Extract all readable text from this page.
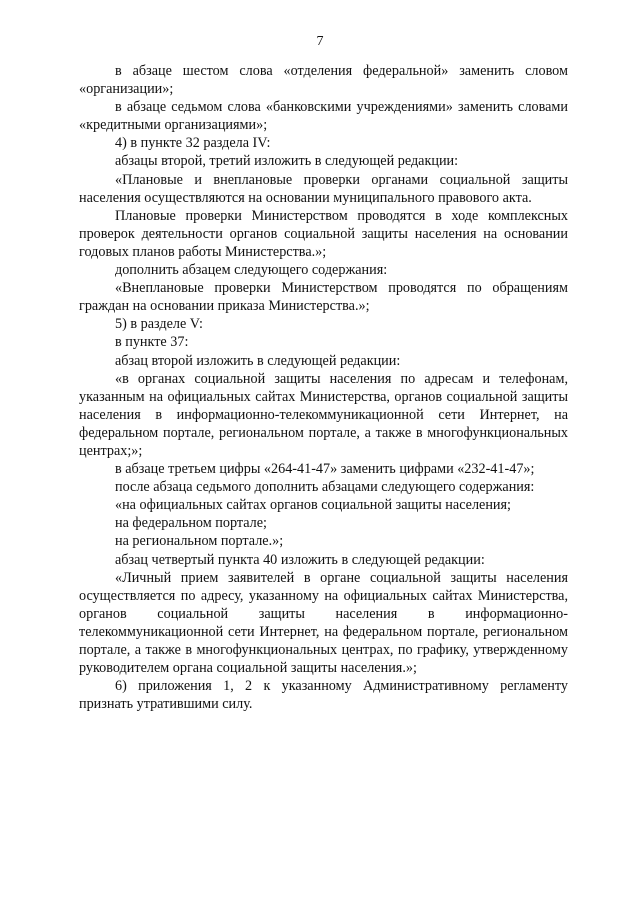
7

в абзаце шестом слова «отделения федеральной» заменить словом «организации»;

в абзаце седьмом слова «банковскими учреждениями» заменить словами «кредитными организациями»;

4) в пункте 32 раздела IV:

абзацы второй, третий изложить в следующей редакции:

«Плановые и внеплановые проверки органами социальной защиты населения осуществляются на основании муниципального правового акта.

Плановые проверки Министерством проводятся в ходе комплексных проверок деятельности органов социальной защиты населения на основании годовых планов работы Министерства.»;

дополнить абзацем следующего содержания:

«Внеплановые проверки Министерством проводятся по обращениям граждан на основании приказа Министерства.»;

5) в разделе V:

в пункте 37:

абзац второй изложить в следующей редакции:

«в органах социальной защиты населения по адресам и телефонам, указанным на официальных сайтах Министерства, органов социальной защиты населения в информационно-телекоммуникационной сети Интернет, на федеральном портале, региональном портале, а также в многофункциональных центрах;»;

в абзаце третьем цифры «264-41-47» заменить цифрами «232-41-47»;

после абзаца седьмого дополнить абзацами следующего содержания:

«на официальных сайтах органов социальной защиты населения;

на федеральном портале;

на региональном портале.»;

абзац четвертый пункта 40 изложить в следующей редакции:

«Личный прием заявителей в органе социальной защиты населения осуществляется по адресу, указанному на официальных сайтах Министерства, органов социальной защиты населения в информационно-телекоммуникационной сети Интернет, на федеральном портале, региональном портале, а также в многофункциональных центрах, по графику, утвержденному руководителем органа социальной защиты населения.»;

6) приложения 1, 2 к указанному Административному регламенту признать утратившими силу.
